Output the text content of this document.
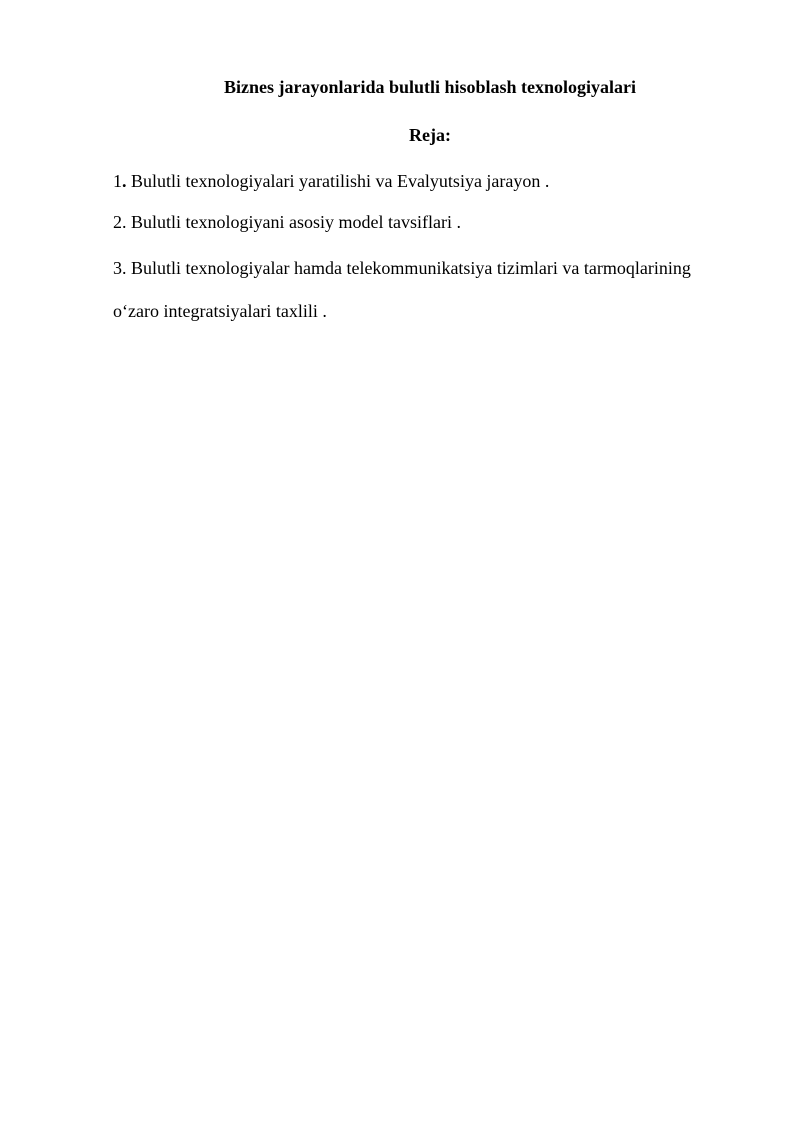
Biznes jarayonlarida bulutli hisoblash texnologiyalari
Reja:
1. Bulutli texnologiyalari yaratilishi va Evalyutsiya jarayon .
2. Bulutli texnologiyani asosiy model tavsiflari .
3. Bulutli texnologiyalar hamda telekommunikatsiya tizimlari va tarmoqlarining
o‘zaro integratsiyalari taxlili .
